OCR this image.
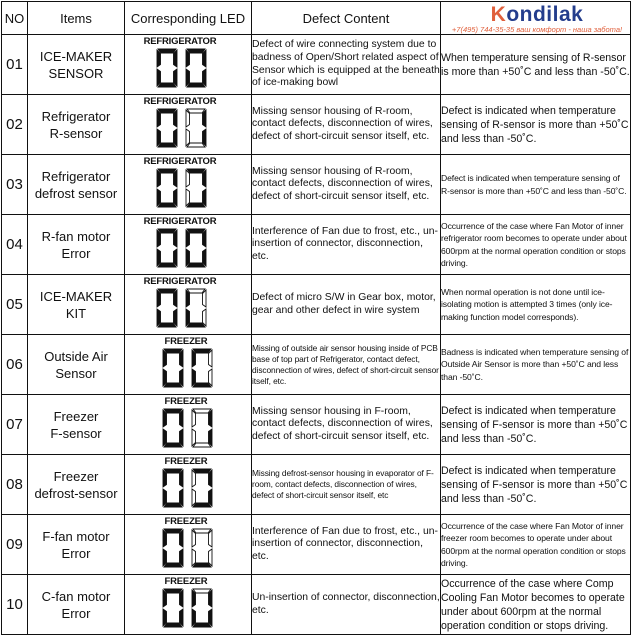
NO	Items	Corresponding LED	Defect Content	Kondilak
+7(495) 744-35-35 ваш комфорт - наша забота!

01	ICE-MAKER
SENSOR	REFRIGERATOR	Defect of wire connecting system due to badness of Open/Short related aspect of Sensor which is equipped at the beneath of ice-making bowl	When temperature sensing of R-sensor is more than +50˚C and less than -50˚C.
02	Refrigerator
R-sensor	REFRIGERATOR	Missing sensor housing of R-room, contact defects, disconnection of wires, defect of short-circuit sensor itself, etc.	Defect is indicated when temperature sensing of R-sensor is more than +50˚C and less than -50˚C.
03	Refrigerator
defrost sensor	REFRIGERATOR	Missing sensor housing of R-room, contact defects, disconnection of wires, defect of short-circuit sensor itself, etc.	Defect is indicated when temperature sensing of R-sensor is more than +50˚C and less than -50˚C.
04	R-fan motor
Error	REFRIGERATOR	Interference of Fan due to frost, etc., un-insertion of connector, disconnection, etc.	Occurrence of the case where Fan Motor of inner refrigerator room becomes to operate under about 600rpm at the normal operation condition or stops driving.
05	ICE-MAKER
KIT	REFRIGERATOR	Defect of micro S/W in Gear box, motor, gear and other defect in wire system	When normal operation is not done until ice-isolating motion is attempted 3 times (only ice-making function model corresponds).
06	Outside Air
Sensor	FREEZER	Missing of outside air sensor housing inside of PCB base of top part of Refrigerator, contact defect, disconnection of wires, defect of short-circuit sensor itself, etc.	Badness is indicated when temperature sensing of Outside Air Sensor is more than +50˚C and less than -50˚C.
07	Freezer
F-sensor	FREEZER	Missing sensor housing in F-room, contact defects, disconnection of wires, defect of short-circuit sensor itself, etc.	Defect is indicated when temperature sensing of F-sensor is more than +50˚C and less than -50˚C.
08	Freezer
defrost-sensor	FREEZER	Missing defrost-sensor housing in evaporator of F- room, contact defects, disconnection of wires, defect of short-circuit sensor itself, etc	Defect is indicated when temperature sensing of F-sensor is more than +50˚C and less than -50˚C.
09	F-fan motor
Error	FREEZER	Interference of Fan due to frost, etc., un-insertion of connector, disconnection, etc.	Occurrence of the case where Fan Motor of inner freezer room becomes to operate under about 600rpm at the normal operation condition or stops driving.
10	C-fan motor
Error	FREEZER	Un-insertion of connector, disconnection, etc.	Occurrence of the case where Comp Cooling Fan Motor becomes to operate under about 600rpm at the normal operation condition or stops driving.
